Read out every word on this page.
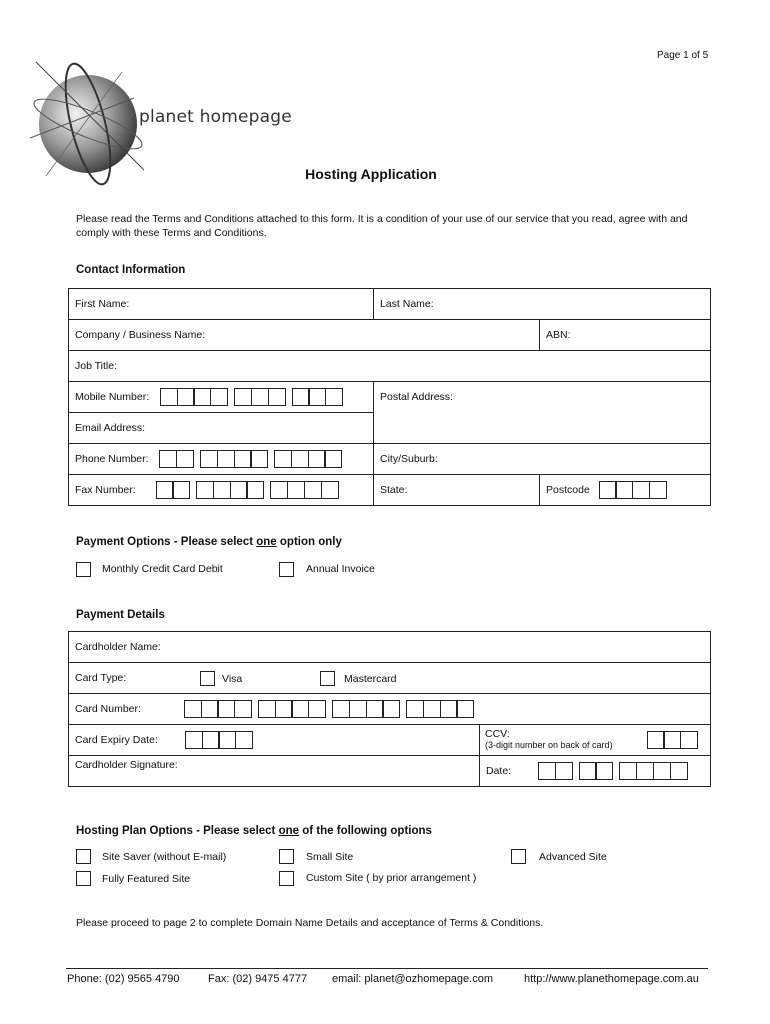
Page 1 of 5
planet homepage
Hosting Application
Please read the Terms and Conditions attached to this form. It is a condition of your use of our service that you read, agree with and comply with these Terms and Conditions.
Contact Information
First Name:	Last Name:	
Company / Business Name:		ABN:
Job Title:		
Mobile Number:	Postal Address:	
Email Address:		
Phone Number:	City/Suburb:	
Fax Number:	State:	Postcode
Payment Options - Please select one option only
Monthly Credit Card Debit	Annual Invoice
Payment Details
Cardholder Name:	
Card Type: Visa Mastercard	

Card Number:	

Card Expiry Date:	CCV:
(3-digit number on back of card)

Cardholder Signature:	Date:
Hosting Plan Options - Please select one of the following options
Site Saver (without E-mail)	Small Site	Advanced Site
Fully Featured Site	Custom Site ( by prior arrangement )
Please proceed to page 2 to complete Domain Name Details and acceptance of Terms & Conditions.
Phone: (02) 9565 4790	Fax: (02) 9475 4777 email: planet@ozhomepage.com	http://www.planethomepage.com.au
